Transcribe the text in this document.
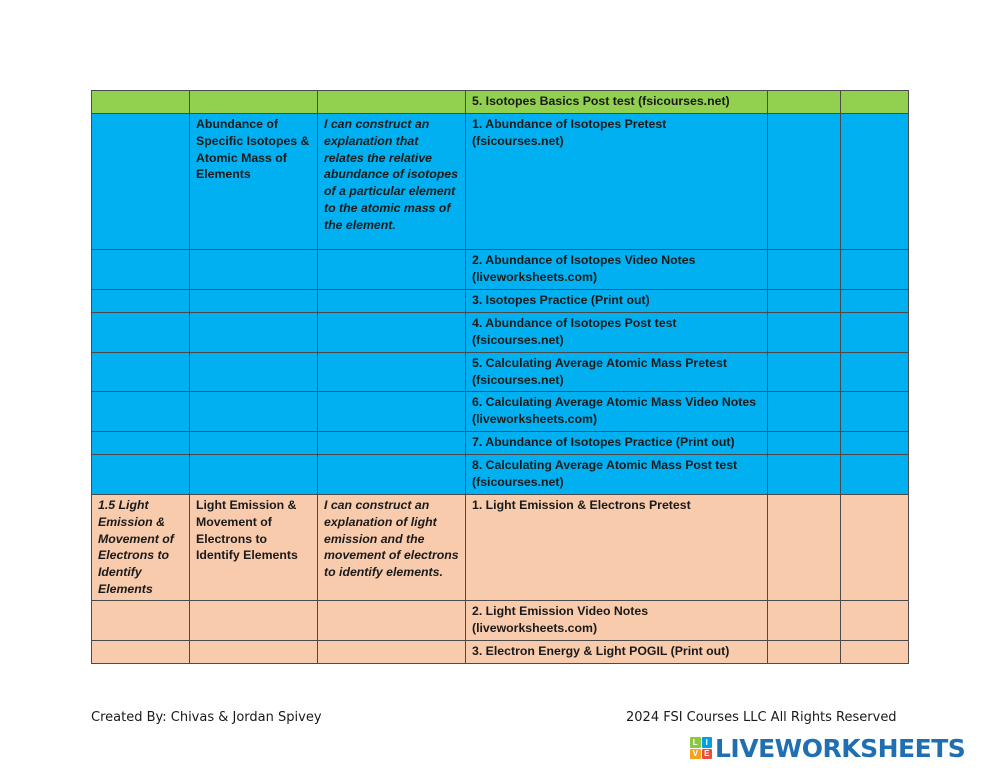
			5. Isotopes Basics Post test (fsicourses.net)		
	Abundance of Specific Isotopes & Atomic Mass of Elements	I can construct an explanation that relates the relative abundance of isotopes of a particular element to the atomic mass of the element.	1. Abundance of Isotopes Pretest (fsicourses.net)		
			2. Abundance of Isotopes Video Notes (liveworksheets.com)		
			3. Isotopes Practice (Print out)		
			4. Abundance of Isotopes Post test (fsicourses.net)		
			5. Calculating Average Atomic Mass Pretest (fsicourses.net)		
			6. Calculating Average Atomic Mass Video Notes (liveworksheets.com)		
			7. Abundance of Isotopes Practice (Print out)		
			8. Calculating Average Atomic Mass Post test (fsicourses.net)		
1.5 Light Emission & Movement of Electrons to Identify Elements	Light Emission & Movement of Electrons to Identify Elements	I can construct an explanation of light emission and the movement of electrons to identify elements.	1. Light Emission & Electrons Pretest		
			2. Light Emission Video Notes (liveworksheets.com)		
			3. Electron Energy & Light POGIL (Print out)		
Created By: Chivas & Jordan Spivey	2024 FSI Courses LLC All Rights Reserved
L I
V E LIVEWORKSHEETS
